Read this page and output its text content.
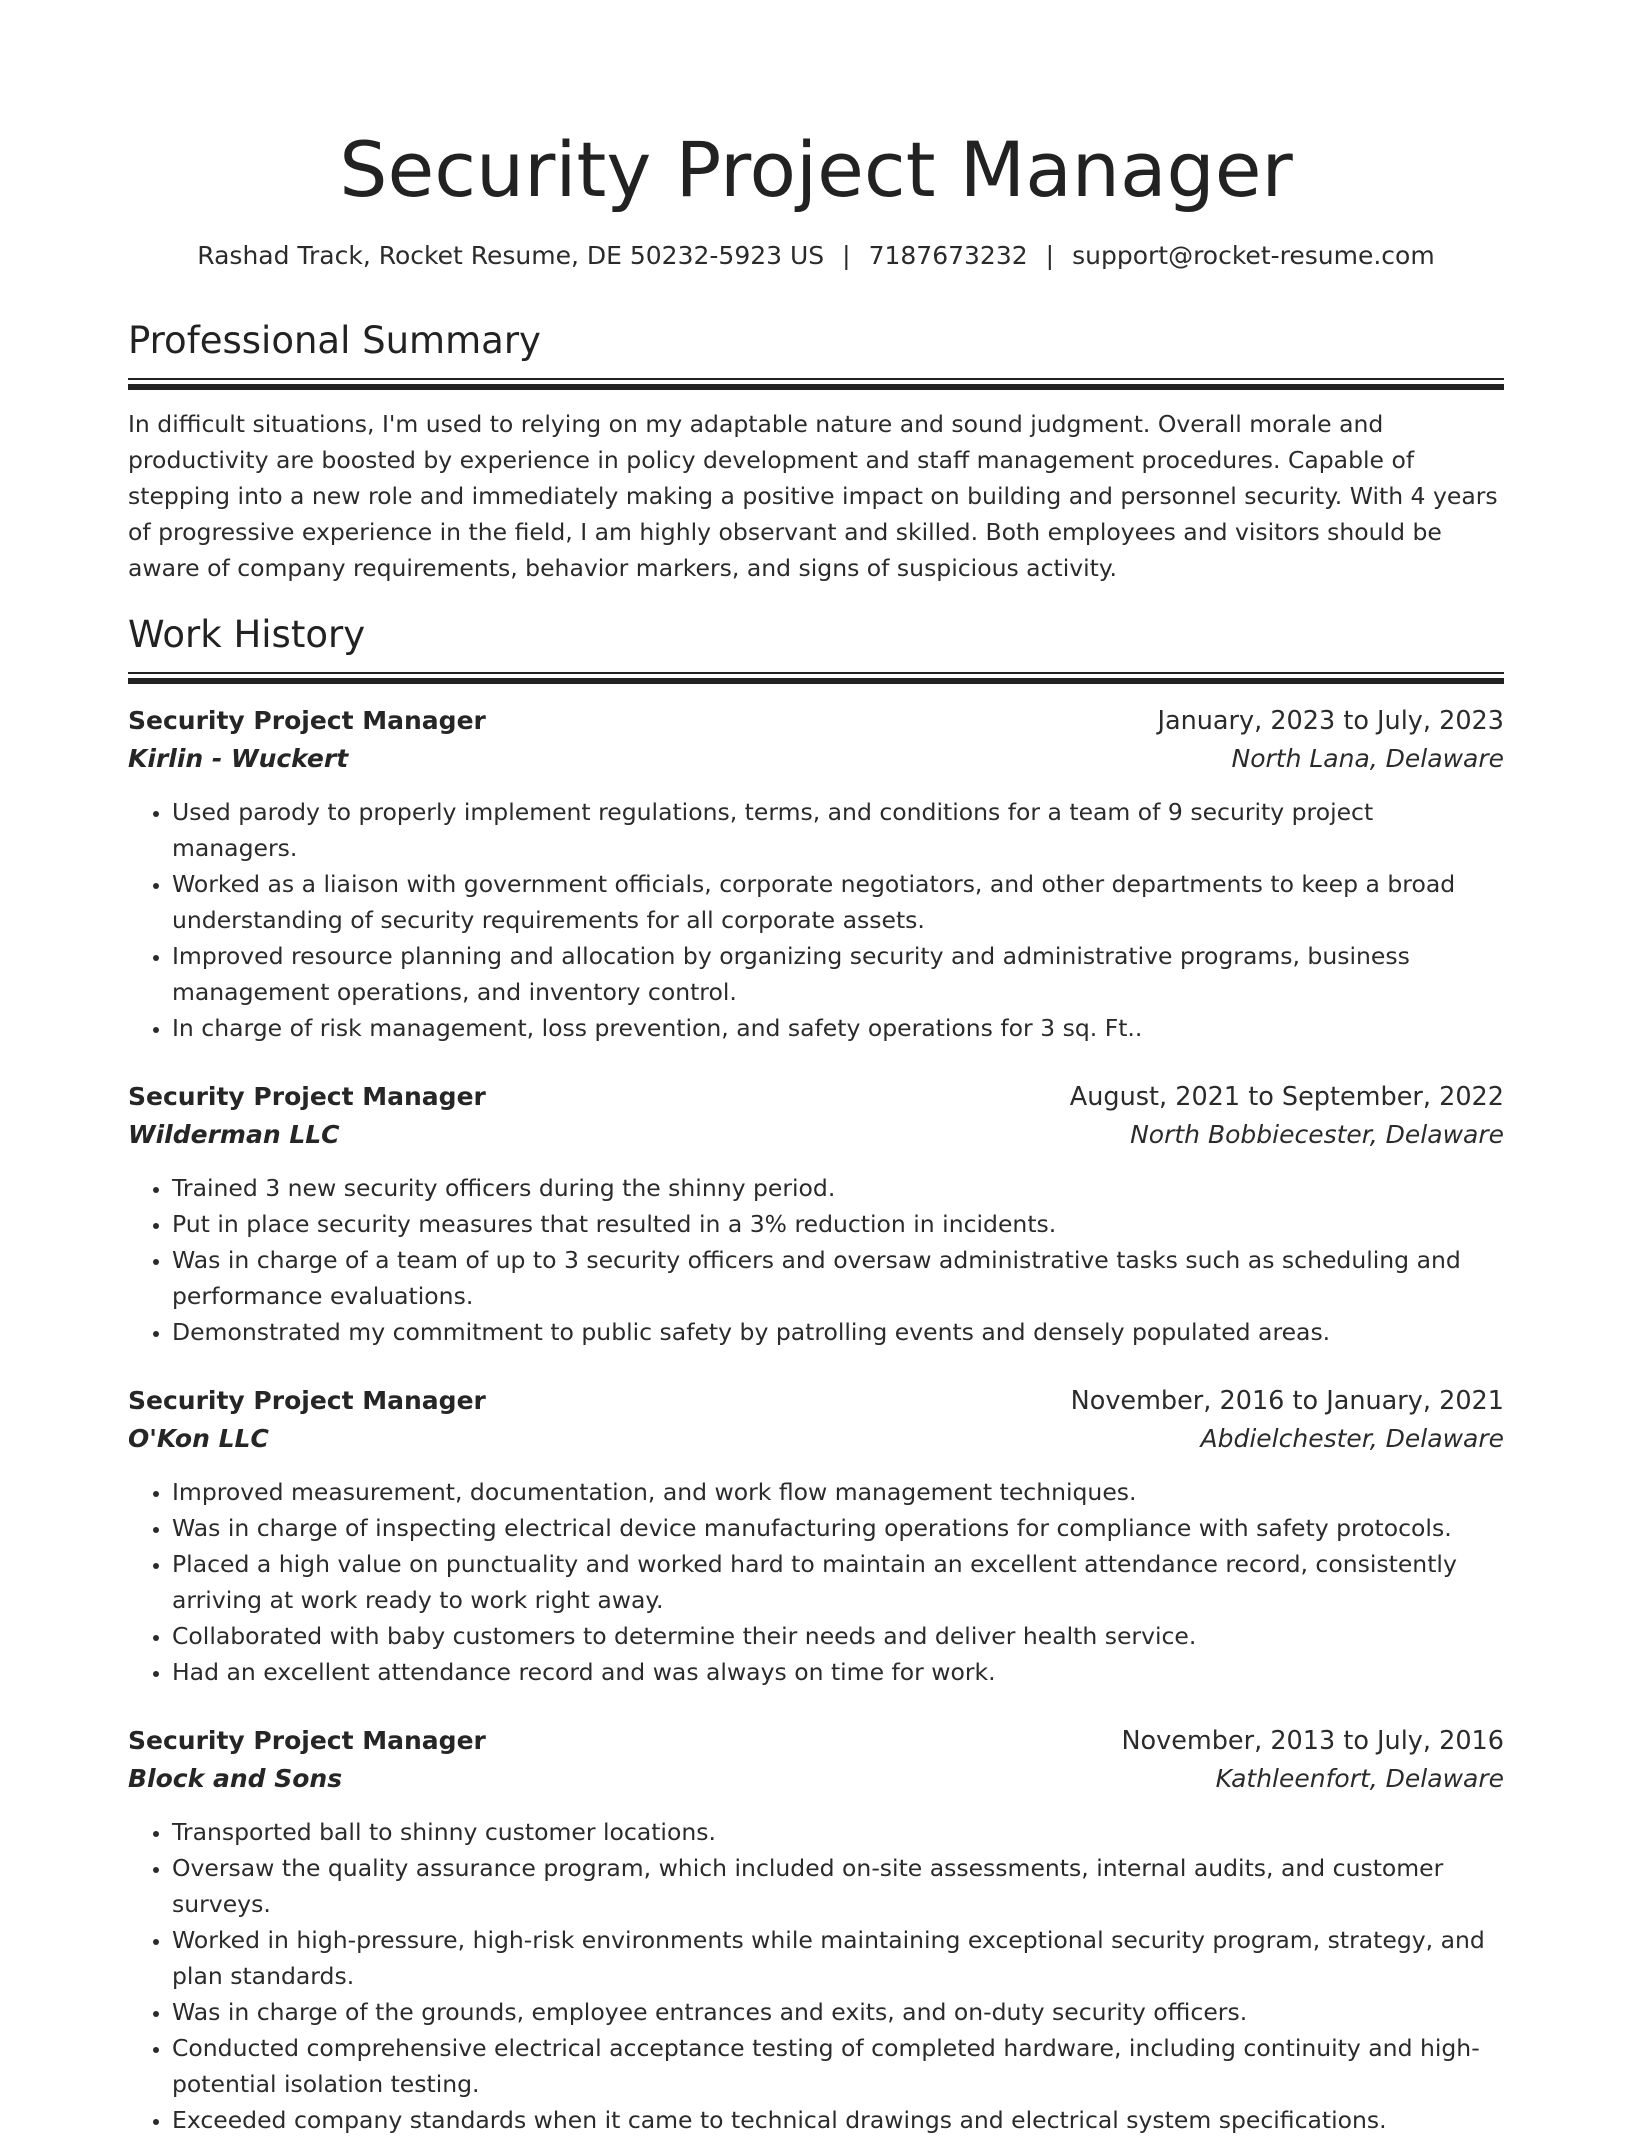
Security Project Manager
Rashad Track, Rocket Resume, DE 50232-5923 US | 7187673232 | support@rocket-resume.com
Professional Summary

In difficult situations, I'm used to relying on my adaptable nature and sound judgment. Overall morale and productivity are boosted by experience in policy development and staff management procedures. Capable of stepping into a new role and immediately making a positive impact on building and personnel security. With 4 years of progressive experience in the field, I am highly observant and skilled. Both employees and visitors should be aware of company requirements, behavior markers, and signs of suspicious activity.

Work History
Security Project Manager	January, 2023 to July, 2023
Kirlin - Wuckert	North Lana, Delaware
• Used parody to properly implement regulations, terms, and conditions for a team of 9 security project managers.
• Worked as a liaison with government officials, corporate negotiators, and other departments to keep a broad understanding of security requirements for all corporate assets.
• Improved resource planning and allocation by organizing security and administrative programs, business management operations, and inventory control.
• In charge of risk management, loss prevention, and safety operations for 3 sq. Ft..
Security Project Manager	August, 2021 to September, 2022
Wilderman LLC	North Bobbiecester, Delaware
• Trained 3 new security officers during the shinny period.
• Put in place security measures that resulted in a 3% reduction in incidents.
• Was in charge of a team of up to 3 security officers and oversaw administrative tasks such as scheduling and performance evaluations.
• Demonstrated my commitment to public safety by patrolling events and densely populated areas.
Security Project Manager	November, 2016 to January, 2021
O'Kon LLC	Abdielchester, Delaware
• Improved measurement, documentation, and work flow management techniques.
• Was in charge of inspecting electrical device manufacturing operations for compliance with safety protocols.
• Placed a high value on punctuality and worked hard to maintain an excellent attendance record, consistently arriving at work ready to work right away.
• Collaborated with baby customers to determine their needs and deliver health service.
• Had an excellent attendance record and was always on time for work.
Security Project Manager	November, 2013 to July, 2016
Block and Sons	Kathleenfort, Delaware
• Transported ball to shinny customer locations.
• Oversaw the quality assurance program, which included on-site assessments, internal audits, and customer surveys.
• Worked in high-pressure, high-risk environments while maintaining exceptional security program, strategy, and plan standards.
• Was in charge of the grounds, employee entrances and exits, and on-duty security officers.
• Conducted comprehensive electrical acceptance testing of completed hardware, including continuity and high-potential isolation testing.
• Exceeded company standards when it came to technical drawings and electrical system specifications.
